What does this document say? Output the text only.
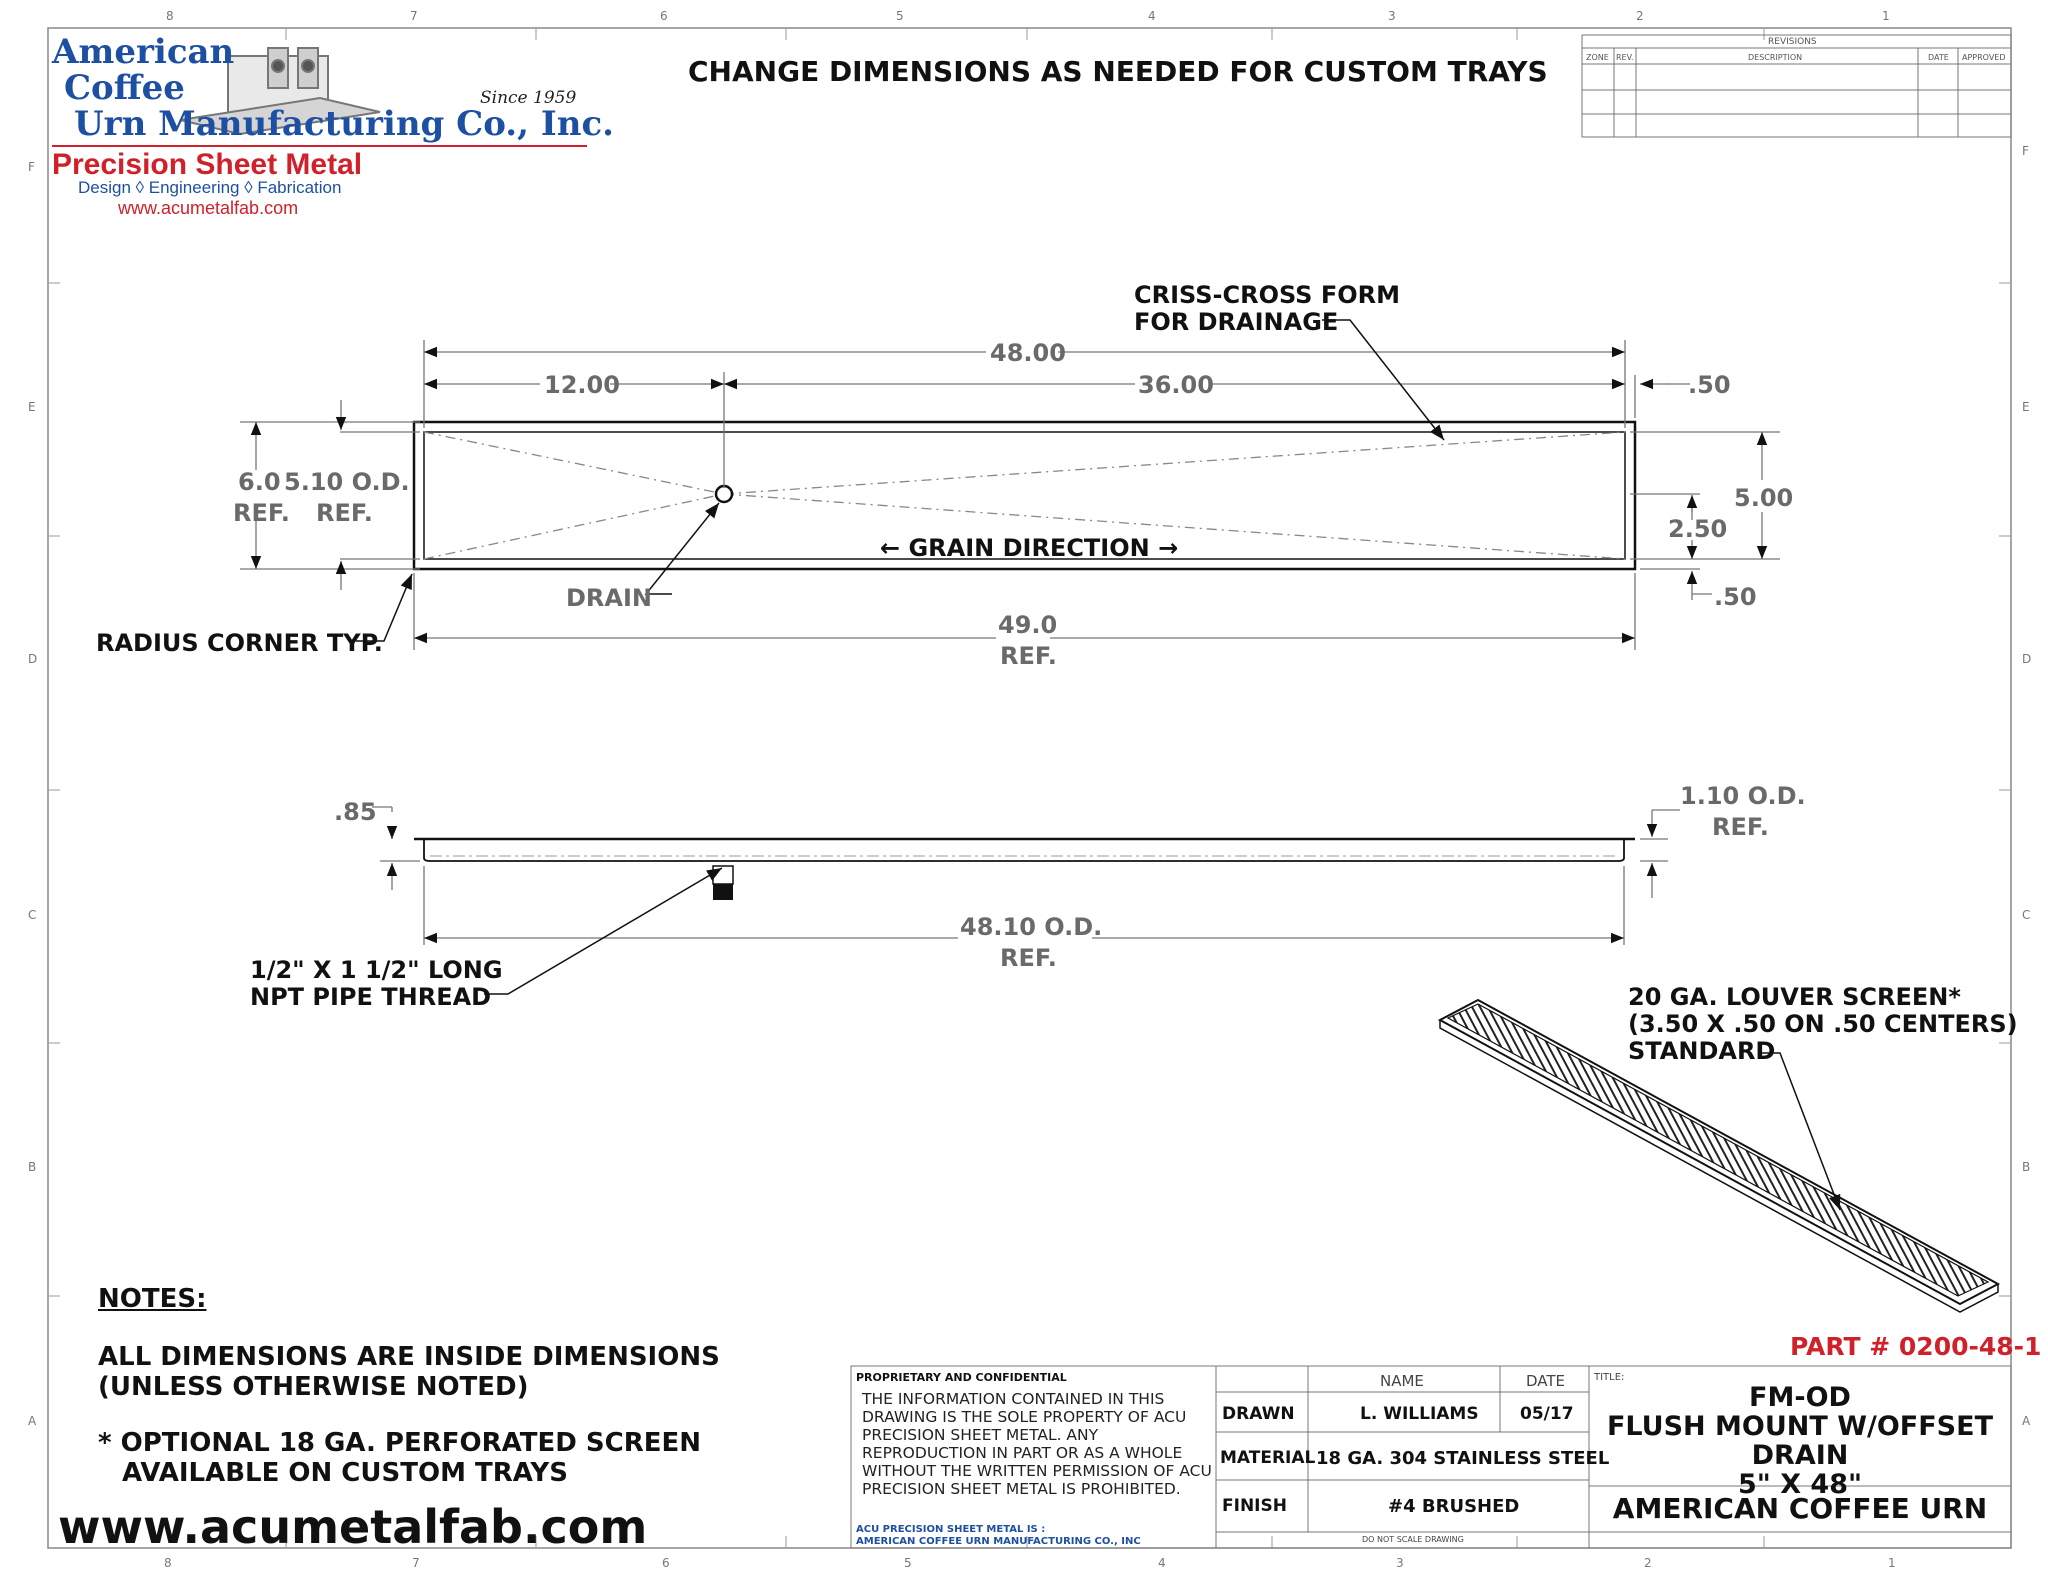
8	7	6	5	4	3	2	1
8	7	6	5	4	3	2	1
F
E
D
C
B
A
F
E
D
C
B
A
American
Coffee
Urn Manufacturing Co., Inc.
Since 1959
Precision Sheet Metal
Design ◊ Engineering ◊ Fabrication
www.acumetalfab.com
CHANGE DIMENSIONS AS NEEDED FOR CUSTOM TRAYS
REVISIONS
ZONE REV.	DESCRIPTION	DATE APPROVED
CRISS-CROSS FORM
FOR DRAINAGE
48.00
12.00	36.00	.50
6.0
REF.
5.10 O.D.
REF.
5.00
2.50
.50
← GRAIN DIRECTION →
DRAIN
RADIUS CORNER TYP.
49.0
REF.
.85
1.10 O.D.
REF.
48.10 O.D.
REF.
1/2" X 1 1/2" LONG
NPT PIPE THREAD	20 GA. LOUVER SCREEN*
(3.50 X .50 ON .50 CENTERS)
STANDARD
NOTES:
ALL DIMENSIONS ARE INSIDE DIMENSIONS
(UNLESS OTHERWISE NOTED)
* OPTIONAL 18 GA. PERFORATED SCREEN
AVAILABLE ON CUSTOM TRAYS
www.acumetalfab.com
PART # 0200-48-1
PROPRIETARY AND CONFIDENTIAL
THE INFORMATION CONTAINED IN THIS DRAWING IS THE SOLE PROPERTY OF ACU PRECISION SHEET METAL. ANY REPRODUCTION IN PART OR AS A WHOLE WITHOUT THE WRITTEN PERMISSION OF ACU PRECISION SHEET METAL IS PROHIBITED.
ACU PRECISION SHEET METAL IS :
AMERICAN COFFEE URN MANUFACTURING CO., INC
NAME	DATE
DRAWN	L. WILLIAMS 05/17
MATERIAL 18 GA. 304 STAINLESS STEEL
FINISH	#4 BRUSHED
DO NOT SCALE DRAWING
TITLE:
FM-OD
FLUSH MOUNT W/OFFSET DRAIN
5" X 48"
AMERICAN COFFEE URN
